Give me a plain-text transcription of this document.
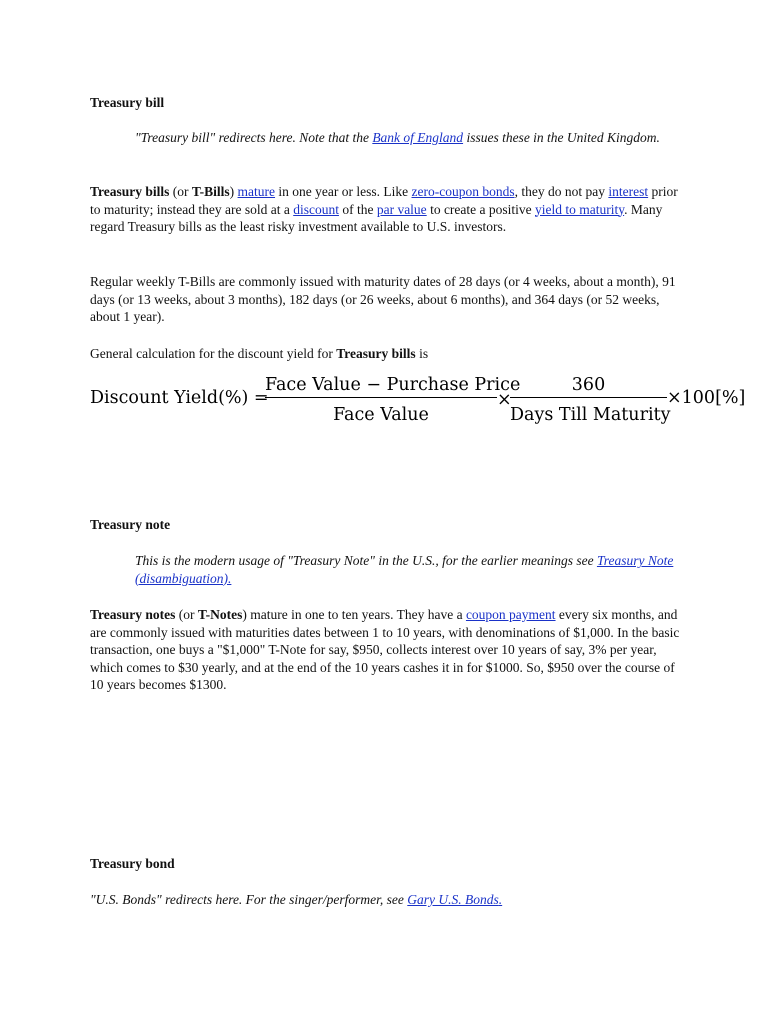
Treasury bill
"Treasury bill" redirects here. Note that the Bank of England issues these in the United Kingdom.
Treasury bills (or T-Bills) mature in one year or less. Like zero-coupon bonds, they do not pay interest prior to maturity; instead they are sold at a discount of the par value to create a positive yield to maturity. Many regard Treasury bills as the least risky investment available to U.S. investors.
Regular weekly T-Bills are commonly issued with maturity dates of 28 days (or 4 weeks, about a month), 91 days (or 13 weeks, about 3 months), 182 days (or 26 weeks, about 6 months), and 364 days (or 52 weeks, about 1 year).
General calculation for the discount yield for Treasury bills is
Discount Yield(%) =
Face Value − Purchase Price
Face Value
×
360
Days Till Maturity
×100[%]
Treasury note
This is the modern usage of "Treasury Note" in the U.S., for the earlier meanings see Treasury Note (disambiguation).
Treasury notes (or T-Notes) mature in one to ten years. They have a coupon payment every six months, and are commonly issued with maturities dates between 1 to 10 years, with denominations of $1,000. In the basic transaction, one buys a "$1,000" T-Note for say, $950, collects interest over 10 years of say, 3% per year, which comes to $30 yearly, and at the end of the 10 years cashes it in for $1000. So, $950 over the course of 10 years becomes $1300.
Treasury bond
"U.S. Bonds" redirects here. For the singer/performer, see Gary U.S. Bonds.
